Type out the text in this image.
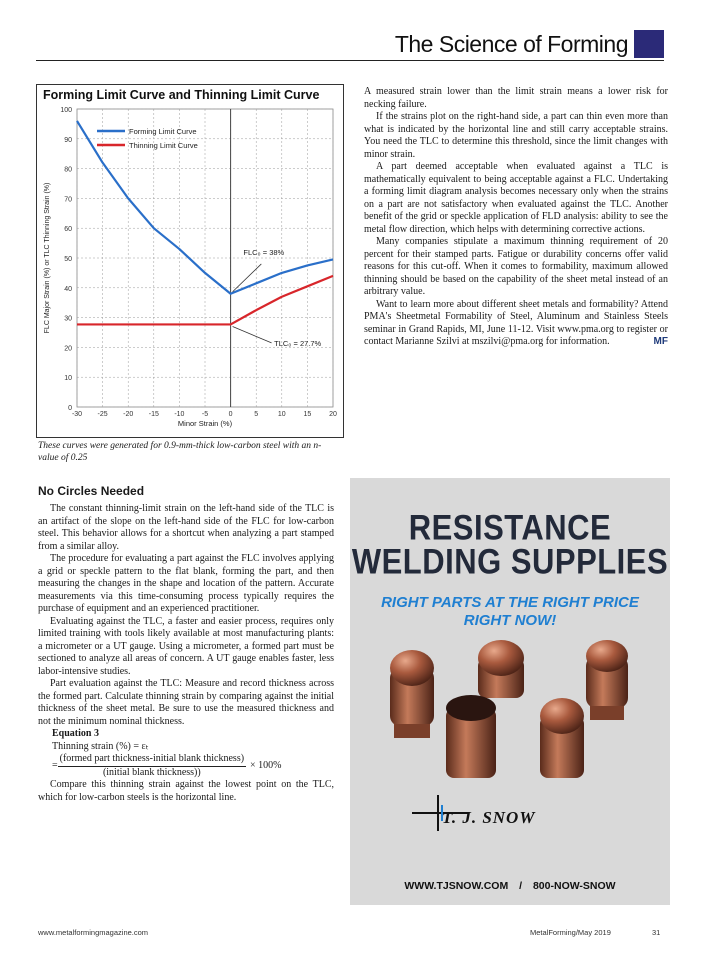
The Science of Forming
Forming Limit Curve and Thinning Limit Curve
0
10
20
30
40
50
60
70
80
90
100
-30 -25 -20 -15 -10 -5	0	5	10	15	20
Minor Strain (%)
FLC Major Strain (%) or TLC Thinning Strain (%)
Forming Limit Curve
Thinning Limit Curve
FLC₀ = 38%
TLC₀ = 27.7%
These curves were generated for 0.9-mm-thick low-carbon steel with an n-value of 0.25

A measured strain lower than the limit strain means a lower risk for necking failure.

If the strains plot on the right-hand side, a part can thin even more than what is indicated by the horizontal line and still carry acceptable strains. You need the TLC to determine this threshold, since the limit changes with minor strain.

A part deemed acceptable when evaluated against a TLC is mathematically equivalent to being acceptable against a FLC. Undertaking a forming limit diagram analysis becomes necessary only when the strains on a part are not satisfactory when evaluated against the TLC. Another benefit of the grid or speckle application of FLD analysis: ability to see the metal flow direction, which helps with determining corrective actions.

Many companies stipulate a maximum thinning requirement of 20 percent for their stamped parts. Fatigue or durability concerns offer valid reasons for this cut-off. When it comes to formability, maximum allowed thinning should be based on the capability of the sheet metal instead of an arbitrary value.

Want to learn more about different sheet metals and formability? Attend PMA's Sheetmetal Formability of Steel, Aluminum and Stainless Steels seminar in Grand Rapids, MI, June 11-12. Visit www.pma.org to register or contact Marianne Szilvi at mszilvi@pma.org for information.	MF

No Circles Needed

The constant thinning-limit strain on the left-hand side of the TLC is an artifact of the slope on the left-hand side of the FLC for low-carbon steel. This behavior allows for a shortcut when analyzing a part stamped from a similar alloy.

The procedure for evaluating a part against the FLC involves applying a grid or speckle pattern to the flat blank, forming the part, and then measuring the changes in the shape and location of the pattern. Accurate measurements via this time-consuming process typically requires the purchase of equipment and an experienced practitioner.

Evaluating against the TLC, a faster and easier process, requires only limited training with tools likely available at most manufacturing plants: a micrometer or a UT gauge. Using a micrometer, a formed part must be sectioned to analyze all areas of concern. A UT gauge enables faster, less labor-intensive studies.

Part evaluation against the TLC: Measure and record thickness across the formed part. Calculate thinning strain by comparing against the initial thickness of the sheet metal. Be sure to use the measured thickness and not the minimum nominal thickness.

Equation 3
Thinning strain (%) = εₜ
= $\frac{\text{(formed part thickness-initial blank thickness)}}{\text{(initial blank thickness))}} \times 100\%$

Compare this thinning strain against the lowest point on the TLC, which for low-carbon steels is the horizontal line.

RESISTANCE
WELDING SUPPLIES
RIGHT PARTS AT THE RIGHT PRICE
RIGHT NOW!
T. J. SNOW
WWW.TJSNOW.COM / 800-NOW-SNOW
www.metalformingmagazine.com	MetalForming/May 2019	31
